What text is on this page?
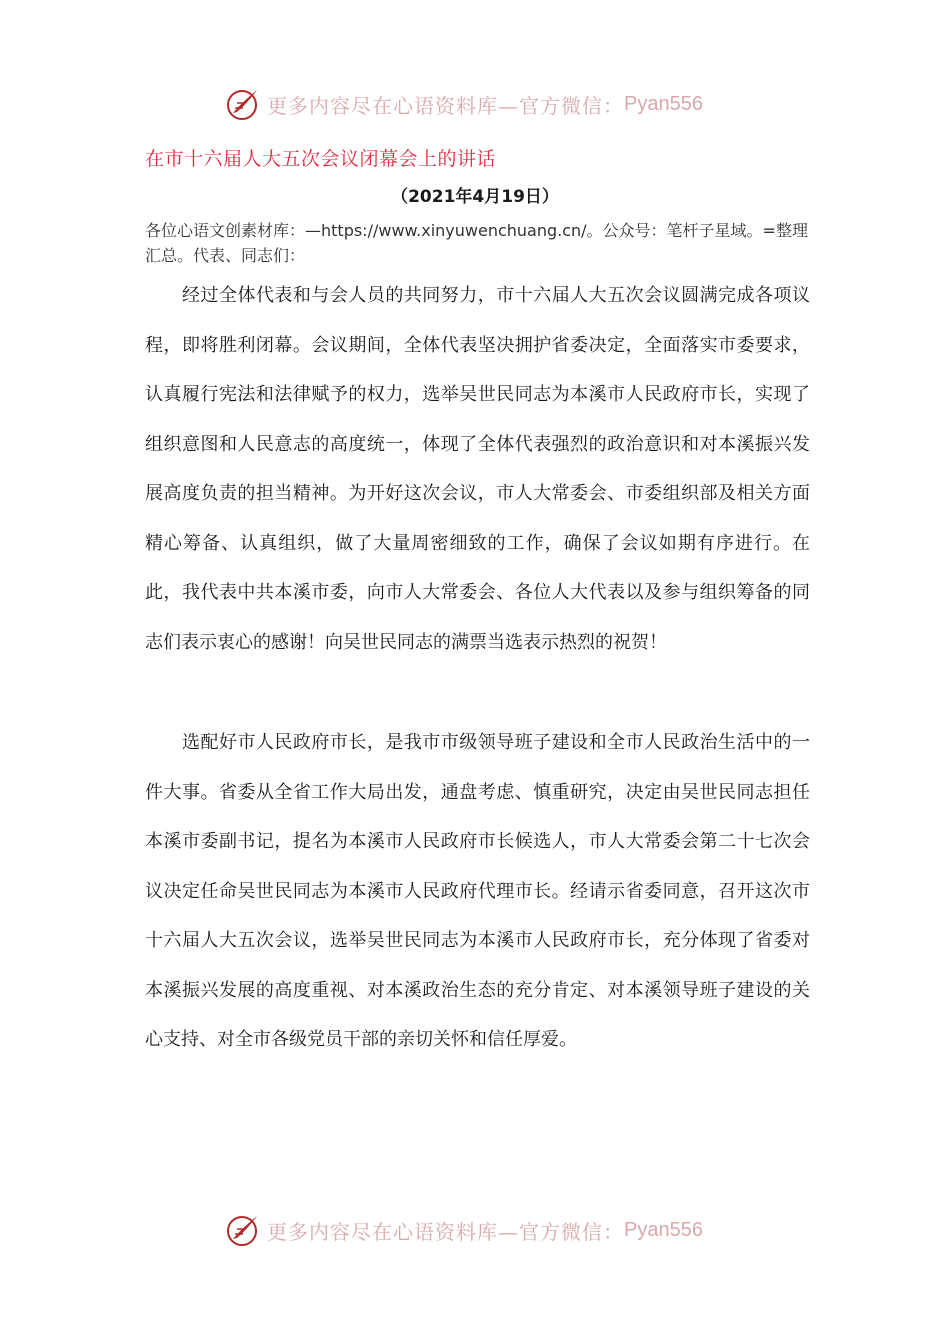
更多内容尽在心语资料库—官方微信： Pyan556
在市十六届人大五次会议闭幕会上的讲话
（2021年4月19日）
各位心语文创素材库：—https://www.xinyuwenchuang.cn/。公众号：笔杆子星域。=整理汇总。代表、同志们：

经过全体代表和与会人员的共同努力，市十六届人大五次会议圆满完成各项议程，即将胜利闭幕。会议期间，全体代表坚决拥护省委决定，全面落实市委要求，认真履行宪法和法律赋予的权力，选举吴世民同志为本溪市人民政府市长，实现了组织意图和人民意志的高度统一，体现了全体代表强烈的政治意识和对本溪振兴发展高度负责的担当精神。为开好这次会议，市人大常委会、市委组织部及相关方面精心筹备、认真组织，做了大量周密细致的工作，确保了会议如期有序进行。在此，我代表中共本溪市委，向市人大常委会、各位人大代表以及参与组织筹备的同志们表示衷心的感谢！向吴世民同志的满票当选表示热烈的祝贺！

选配好市人民政府市长，是我市市级领导班子建设和全市人民政治生活中的一件大事。省委从全省工作大局出发，通盘考虑、慎重研究，决定由吴世民同志担任本溪市委副书记，提名为本溪市人民政府市长候选人，市人大常委会第二十七次会议决定任命吴世民同志为本溪市人民政府代理市长。经请示省委同意，召开这次市十六届人大五次会议，选举吴世民同志为本溪市人民政府市长，充分体现了省委对本溪振兴发展的高度重视、对本溪政治生态的充分肯定、对本溪领导班子建设的关心支持、对全市各级党员干部的亲切关怀和信任厚爱。

更多内容尽在心语资料库—官方微信： Pyan556
